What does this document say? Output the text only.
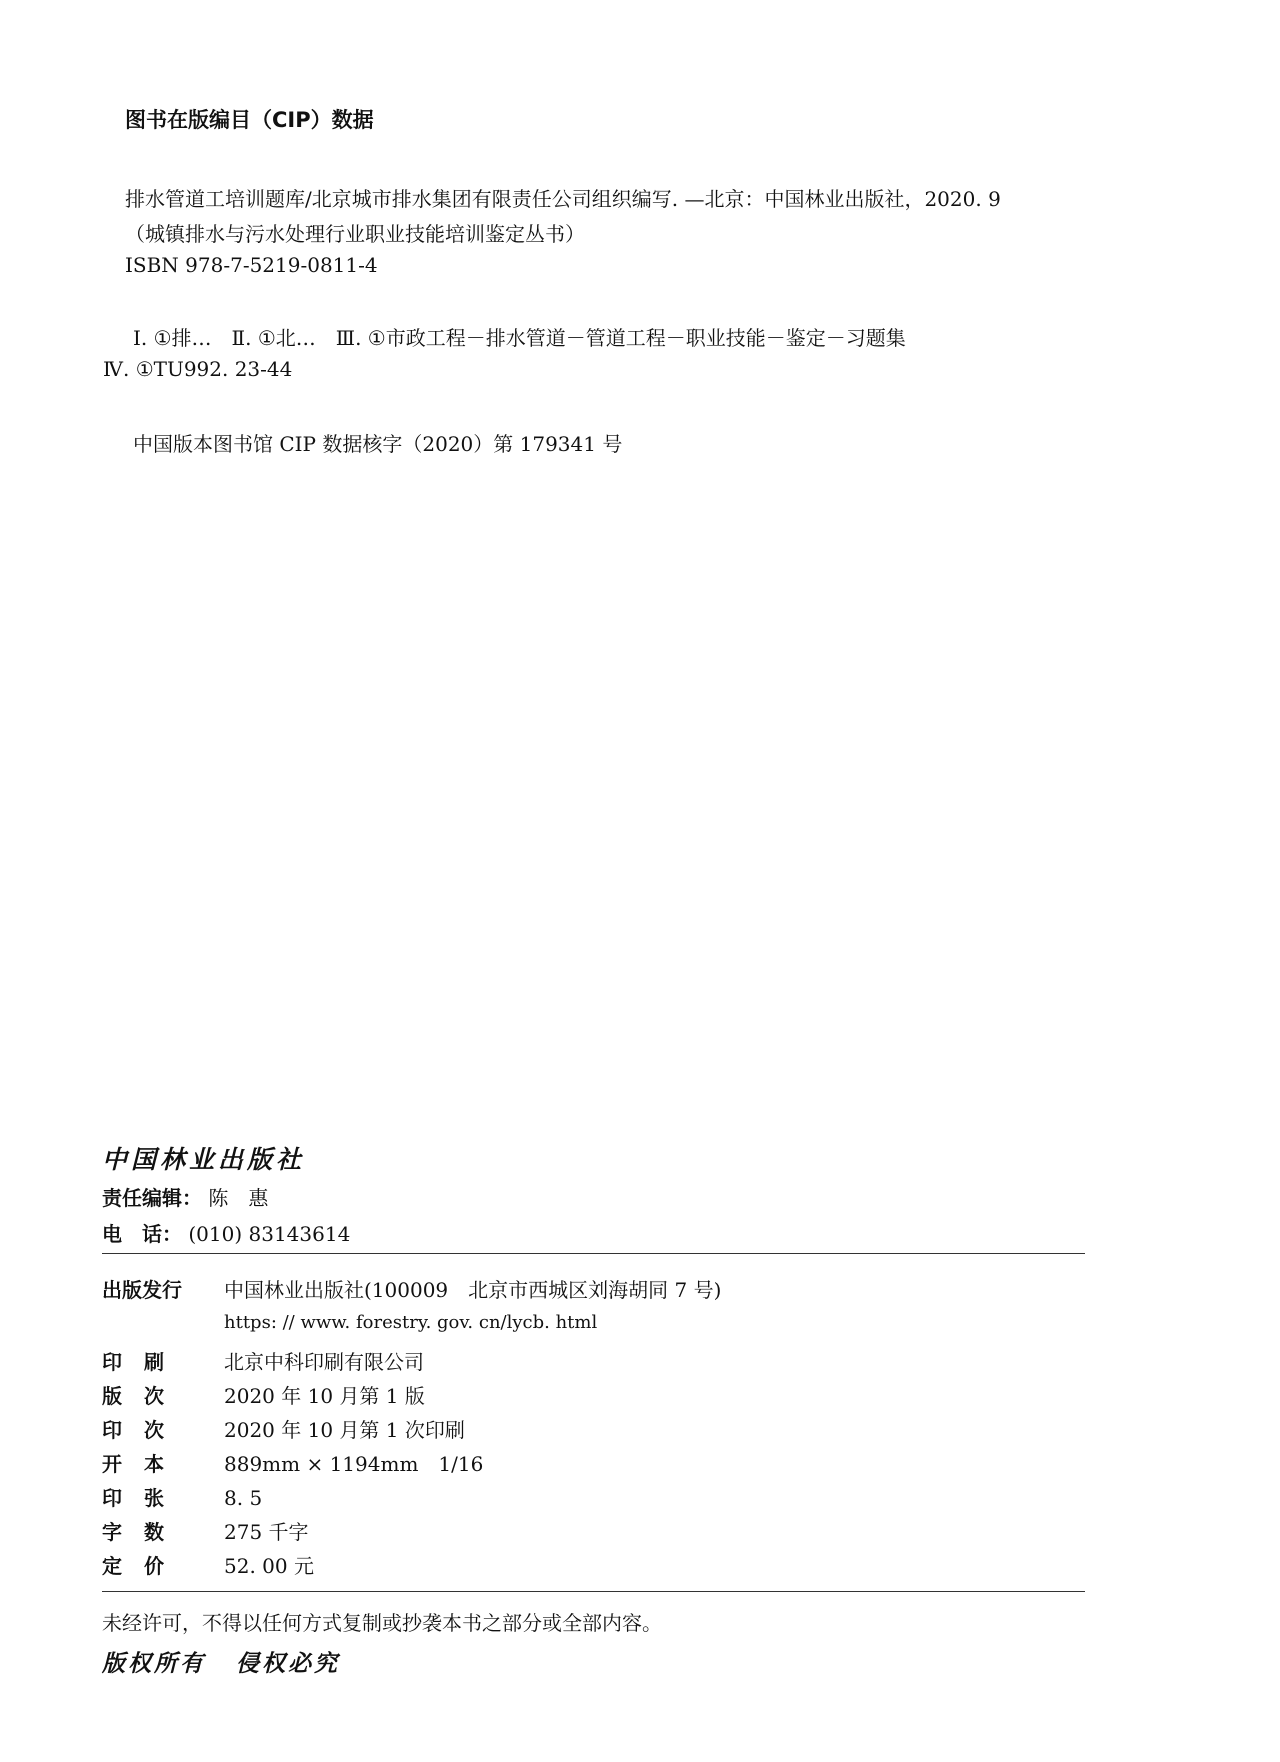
图书在版编目（CIP）数据
排水管道工培训题库/北京城市排水集团有限责任公司组织编写. —北京：中国林业出版社，2020. 9
（城镇排水与污水处理行业职业技能培训鉴定丛书）
ISBN 978-7-5219-0811-4
Ⅰ. ①排…　Ⅱ. ①北…　Ⅲ. ①市政工程－排水管道－管道工程－职业技能－鉴定－习题集
Ⅳ. ①TU992. 23-44
中国版本图书馆 CIP 数据核字（2020）第 179341 号
中国林业出版社
责任编辑： 陈　惠
电　话： (010) 83143614
出版发行 中国林业出版社(100009　北京市西城区刘海胡同 7 号)
https: // www. forestry. gov. cn/lycb. html
印刷 北京中科印刷有限公司
版次 2020 年 10 月第 1 版
印次 2020 年 10 月第 1 次印刷
开本 889mm × 1194mm　1/16
印张 8. 5
字数 275 千字
定价 52. 00 元
未经许可，不得以任何方式复制或抄袭本书之部分或全部内容。
版权所有 侵权必究
